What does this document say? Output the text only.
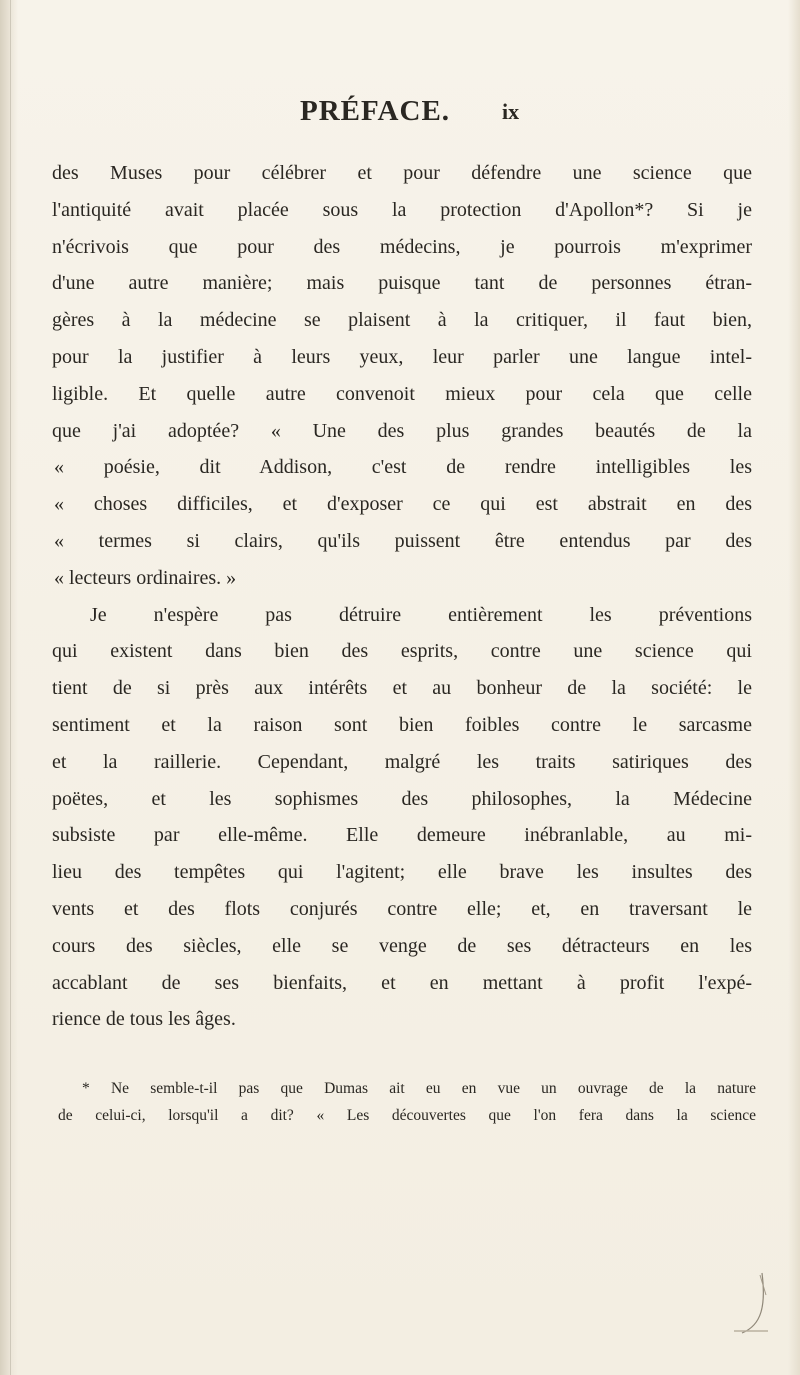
PRÉFACE. ix
des Muses pour célébrer et pour défendre une science que
l'antiquité avait placée sous la protection d'Apollon*? Si je
n'écrivois que pour des médecins, je pourrois m'exprimer
d'une autre manière; mais puisque tant de personnes étran-
gères à la médecine se plaisent à la critiquer, il faut bien,
pour la justifier à leurs yeux, leur parler une langue intel-
ligible. Et quelle autre convenoit mieux pour cela que celle
que j'ai adoptée? « Une des plus grandes beautés de la
« poésie, dit Addison, c'est de rendre intelligibles les
« choses difficiles, et d'exposer ce qui est abstrait en des
« termes si clairs, qu'ils puissent être entendus par des
« lecteurs ordinaires. »
Je n'espère pas détruire entièrement les préventions
qui existent dans bien des esprits, contre une science qui
tient de si près aux intérêts et au bonheur de la société: le
sentiment et la raison sont bien foibles contre le sarcasme
et la raillerie. Cependant, malgré les traits satiriques des
poëtes, et les sophismes des philosophes, la Médecine
subsiste par elle-même. Elle demeure inébranlable, au mi-
lieu des tempêtes qui l'agitent; elle brave les insultes des
vents et des flots conjurés contre elle; et, en traversant le
cours des siècles, elle se venge de ses détracteurs en les
accablant de ses bienfaits, et en mettant à profit l'expé-
rience de tous les âges.
* Ne semble-t-il pas que Dumas ait eu en vue un ouvrage de la nature
de celui-ci, lorsqu'il a dit? « Les découvertes que l'on fera dans la science
